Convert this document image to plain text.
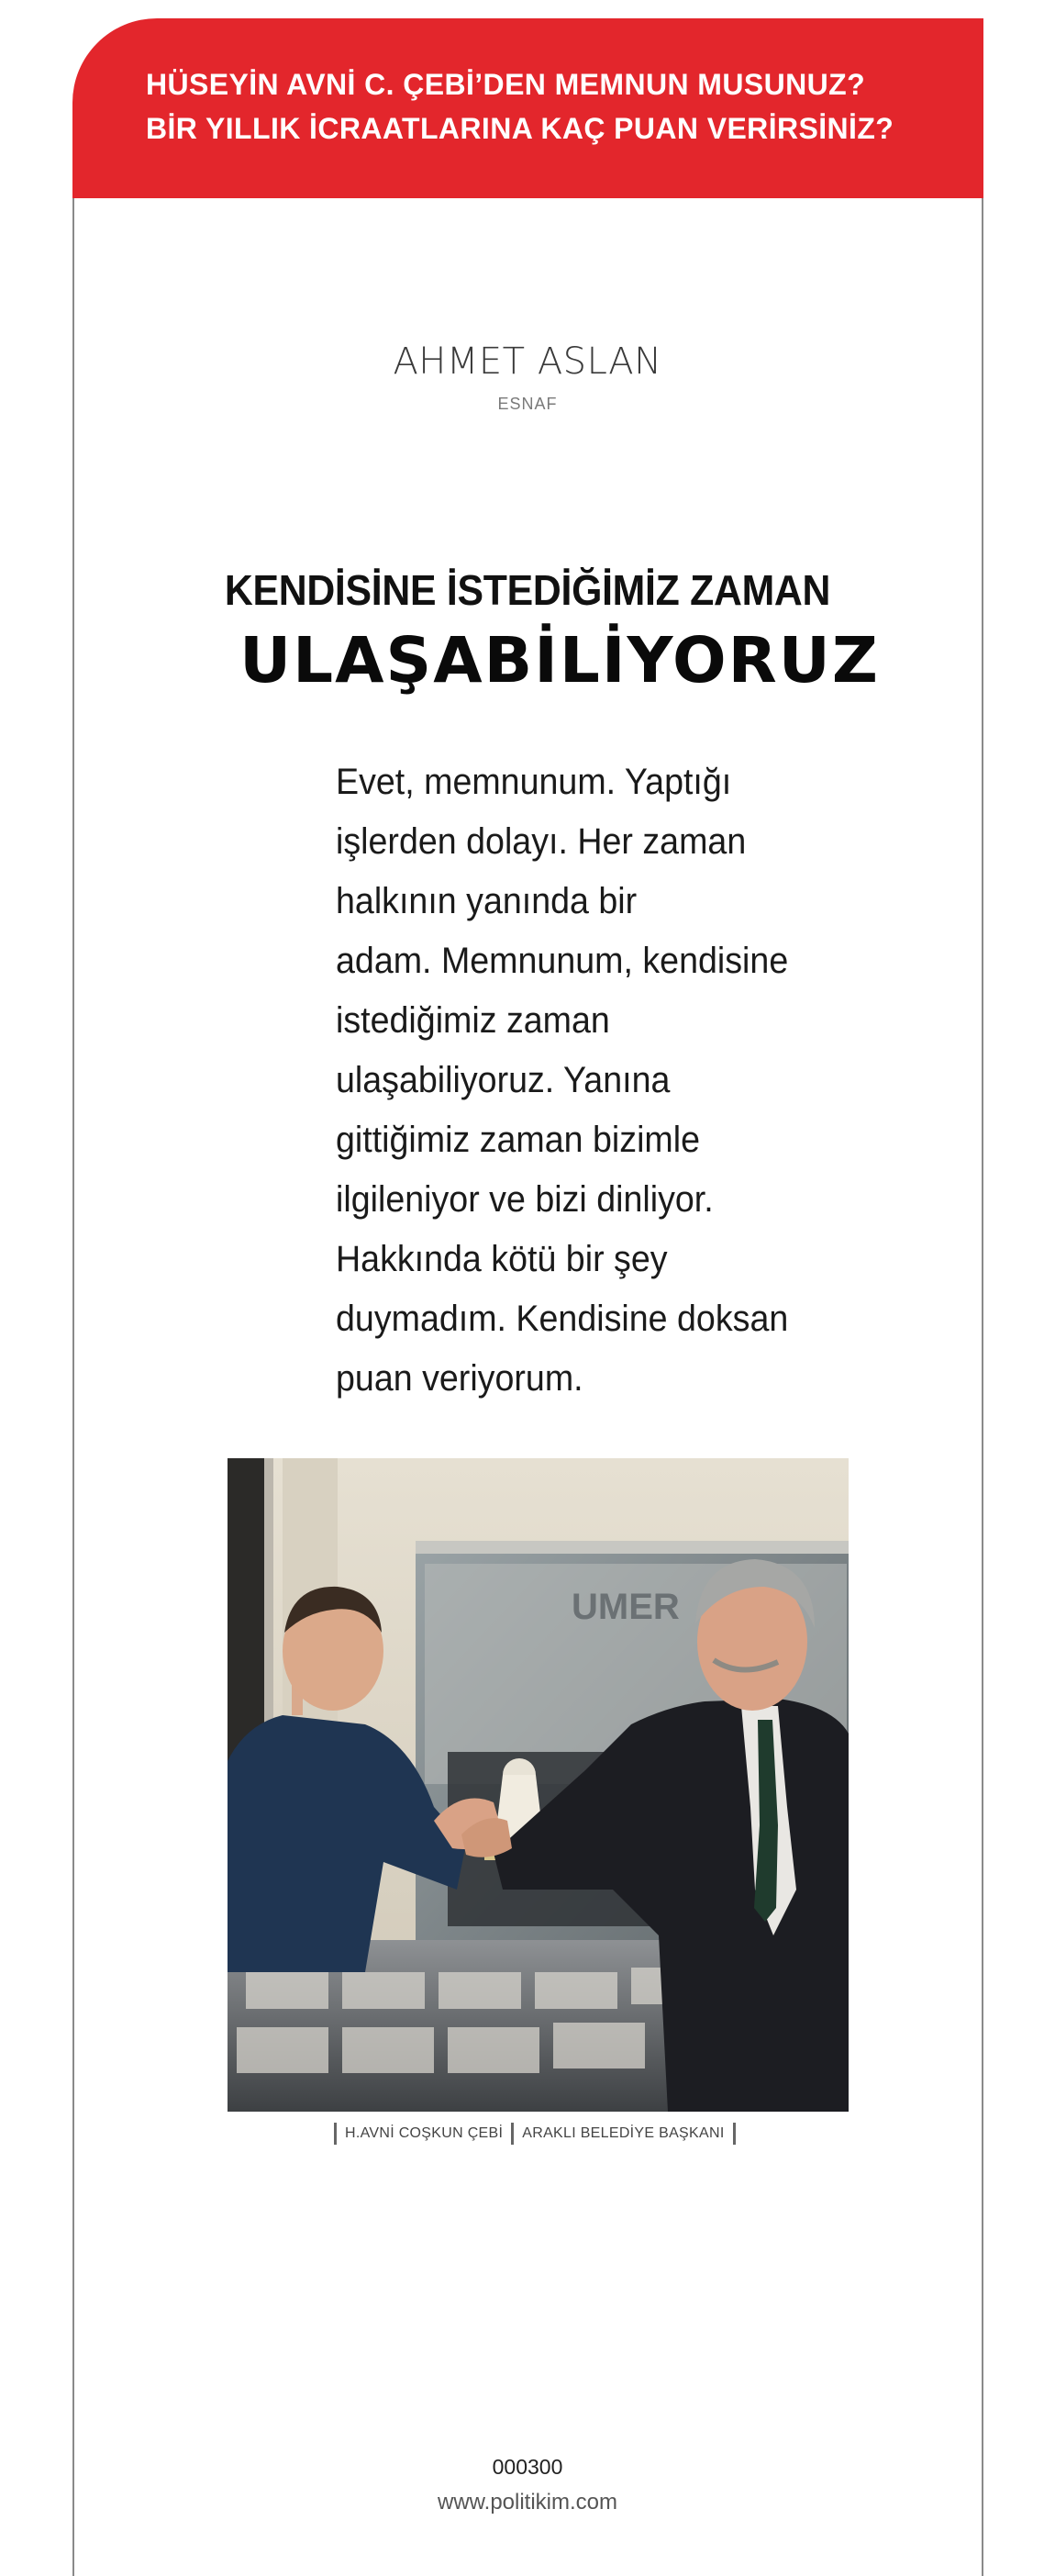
HÜSEYİN AVNİ C. ÇEBİ’DEN MEMNUN MUSUNUZ?
BİR YILLIK İCRAATLARINA KAÇ PUAN VERİRSİNİZ?
AHMET ASLAN
ESNAF
KENDİSİNE İSTEDİĞİMİZ ZAMAN
ULAŞABİLİYORUZ
Evet, memnunum. Yaptığı
işlerden dolayı. Her zaman
halkının yanında bir
adam. Memnunum, kendisine
istediğimiz zaman
ulaşabiliyoruz. Yanına
gittiğimiz zaman bizimle
ilgileniyor ve bizi dinliyor.
Hakkında kötü bir şey
duymadım. Kendisine doksan
puan veriyorum.
UMER
H.AVNİ COŞKUN ÇEBİ ARAKLI BELEDİYE BAŞKANI
000300
www.politikim.com
